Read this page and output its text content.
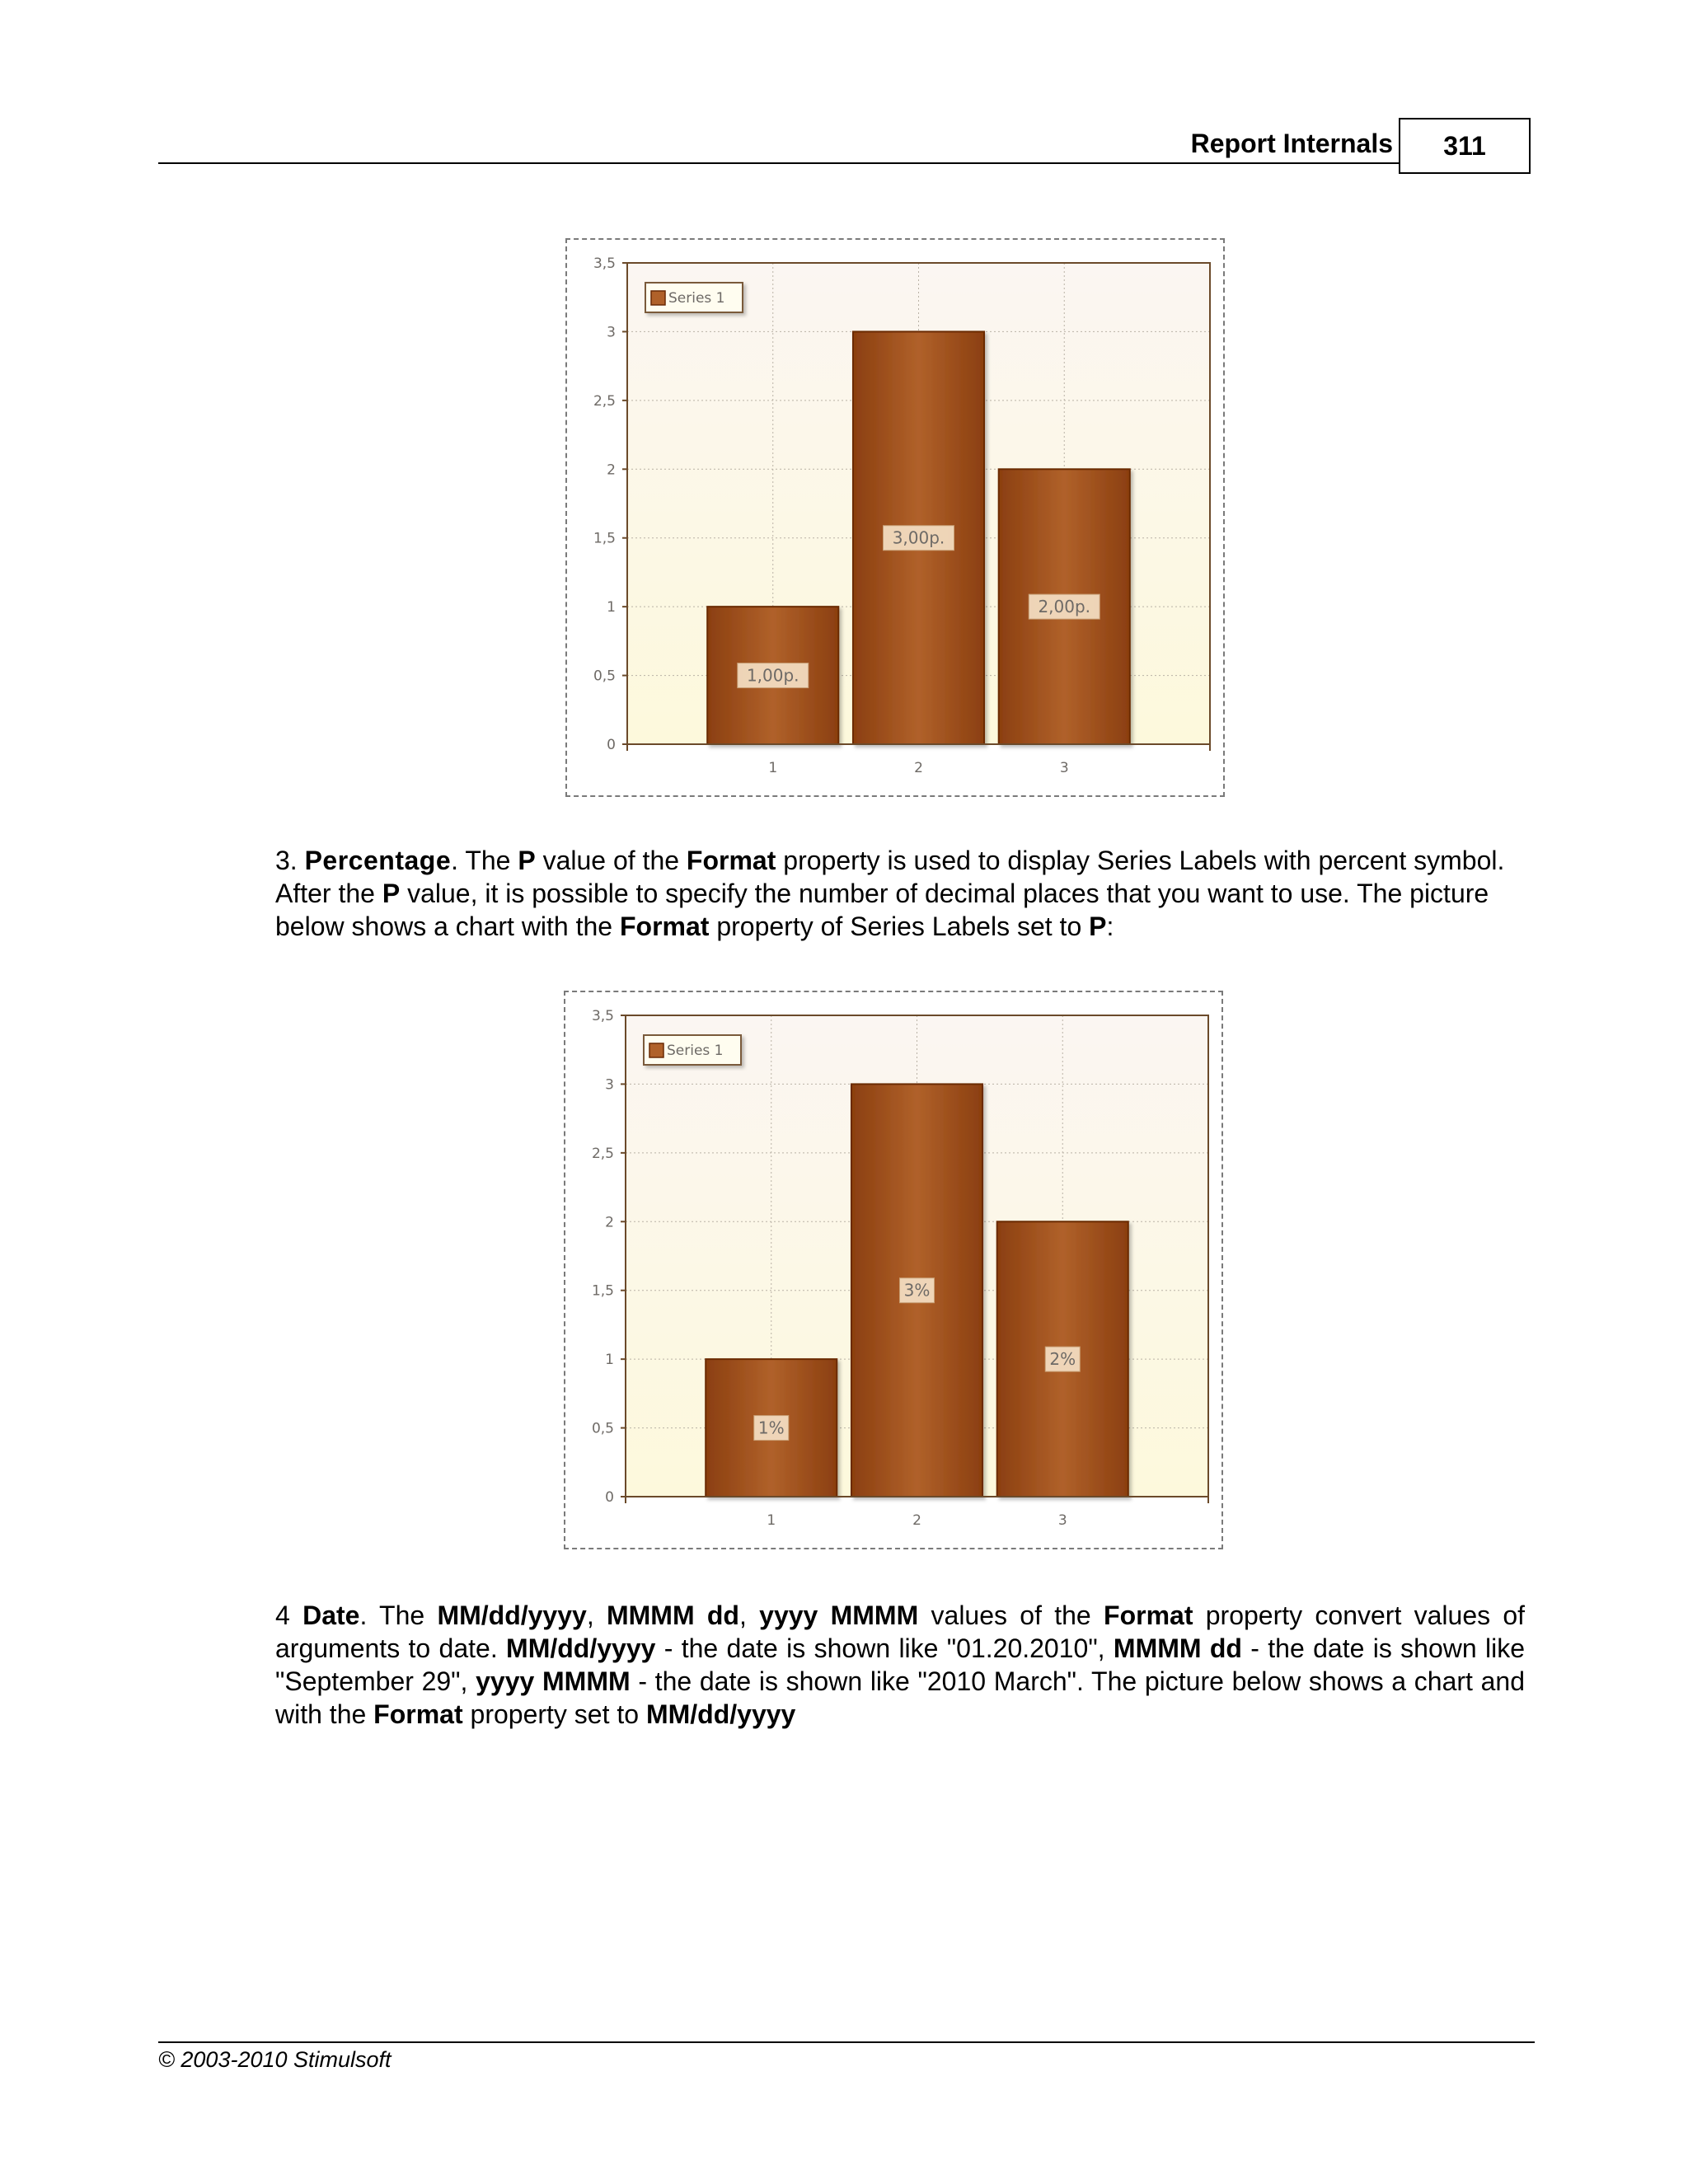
Report Internals	311
0
0,5
1
1,5
2
2,5
3
3,5
1,00p.
1
3,00p.
2
2,00p.
3
Series 1
3. Percentage. The P value of the Format property is used to display Series Labels with percent symbol. After the P value, it is possible to specify the number of decimal places that you want to use. The picture below shows a chart with the Format property of Series Labels set to P:
0
0,5
1
1,5
2
2,5
3
3,5
1%
1
3%
2
2%
3
Series 1
4 Date. The MM/dd/yyyy, MMMM dd, yyyy MMMM values of the Format property convert values of arguments to date. MM/dd/yyyy - the date is shown like "01.20.2010", MMMM dd - the date is shown like "September 29", yyyy MMMM - the date is shown like "2010 March". The picture below shows a chart and with the Format property set to MM/dd/yyyy
© 2003-2010 Stimulsoft
